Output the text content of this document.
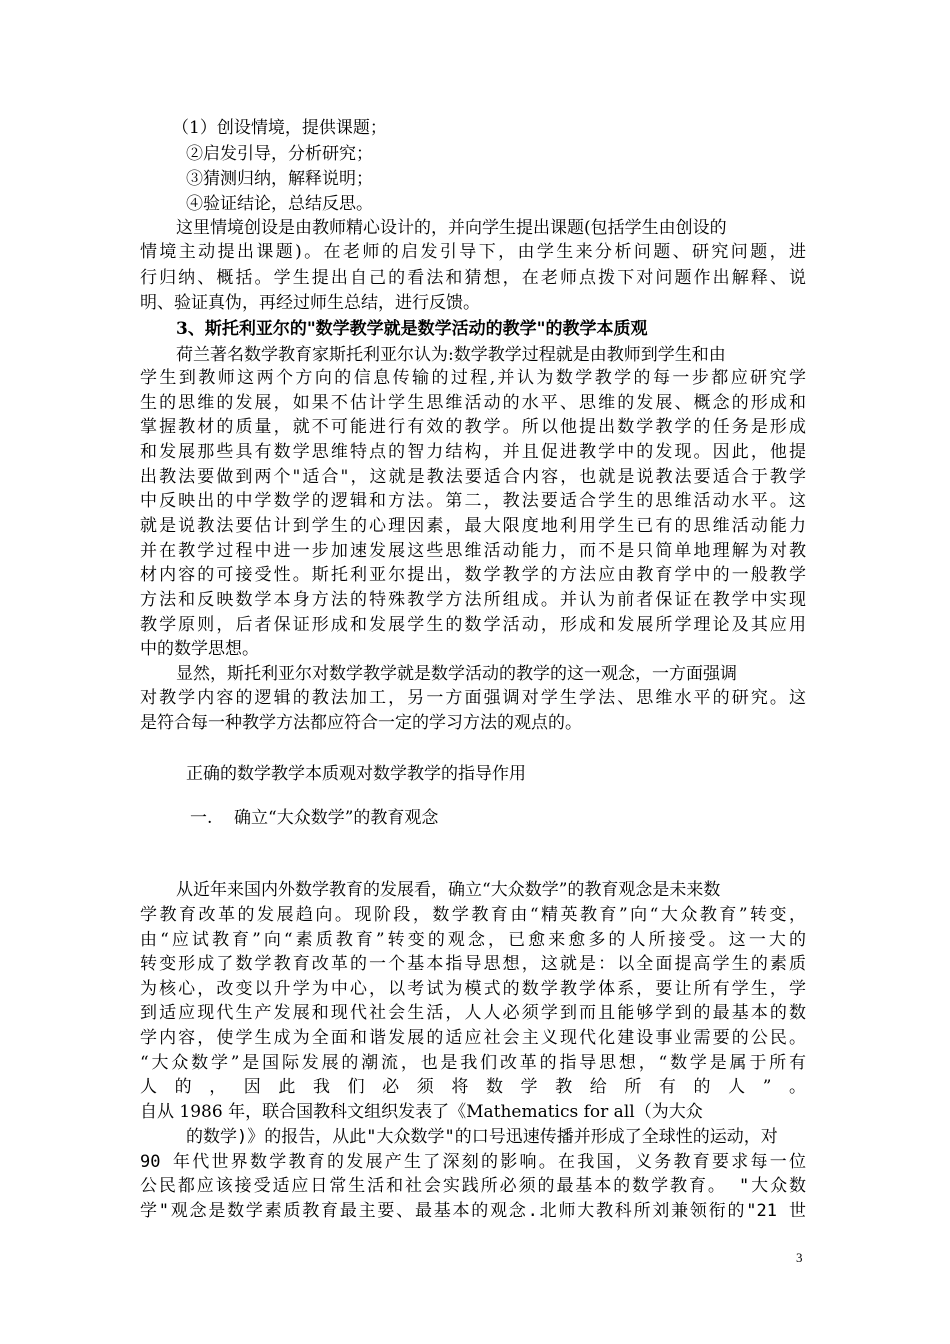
（1）创设情境，提供课题；

②启发引导，分析研究；

③猜测归纳，解释说明；

④验证结论，总结反思。

这里情境创设是由教师精心设计的，并向学生提出课题(包括学生由创设的

情境主动提出课题)。在老师的启发引导下，由学生来分析问题、研究问题，进

行归纳、概括。学生提出自己的看法和猜想，在老师点拨下对问题作出解释、说

明、验证真伪，再经过师生总结，进行反馈。

3、斯托利亚尔的"数学教学就是数学活动的教学"的教学本质观

荷兰著名数学教育家斯托利亚尔认为:数学教学过程就是由教师到学生和由

学生到教师这两个方向的信息传输的过程,并认为数学教学的每一步都应研究学

生的思维的发展，如果不估计学生思维活动的水平、思维的发展、概念的形成和

掌握教材的质量，就不可能进行有效的教学。所以他提出数学教学的任务是形成

和发展那些具有数学思维特点的智力结构，并且促进教学中的发现。因此，他提

出教法要做到两个"适合"，这就是教法要适合内容，也就是说教法要适合于教学

中反映出的中学数学的逻辑和方法。第二，教法要适合学生的思维活动水平。这

就是说教法要估计到学生的心理因素，最大限度地利用学生已有的思维活动能力

并在教学过程中进一步加速发展这些思维活动能力，而不是只简单地理解为对教

材内容的可接受性。斯托利亚尔提出，数学教学的方法应由教育学中的一般教学

方法和反映数学本身方法的特殊教学方法所组成。并认为前者保证在教学中实现

教学原则，后者保证形成和发展学生的数学活动，形成和发展所学理论及其应用

中的数学思想。

显然，斯托利亚尔对数学教学就是数学活动的教学的这一观念，一方面强调

对教学内容的逻辑的教法加工，另一方面强调对学生学法、思维水平的研究。这

是符合每一种教学方法都应符合一定的学习方法的观点的。

正确的数学教学本质观对数学教学的指导作用

一.    确立“大众数学”的教育观念

从近年来国内外数学教育的发展看，确立“大众数学”的教育观念是未来数

学教育改革的发展趋向。现阶段，数学教育由“精英教育”向“大众教育”转变，

由“应试教育”向“素质教育”转变的观念，已愈来愈多的人所接受。这一大的

转变形成了数学教育改革的一个基本指导思想，这就是：以全面提高学生的素质

为核心，改变以升学为中心，以考试为模式的数学教学体系，要让所有学生，学

到适应现代生产发展和现代社会生活，人人必须学到而且能够学到的最基本的数

学内容，使学生成为全面和谐发展的适应社会主义现代化建设事业需要的公民。

“大众数学”是国际发展的潮流，也是我们改革的指导思想，“数学是属于所有

人的，因此我们必须将数学教给所有的人”。

自从 1986 年，联合国教科文组织发表了《Mathematics for all（为大众

的数学)》的报告，从此"大众数学"的口号迅速传播并形成了全球性的运动，对

90 年代世界数学教育的发展产生了深刻的影响。在我国，义务教育要求每一位

公民都应该接受适应日常生活和社会实践所必须的最基本的数学教育。 "大众数

学"观念是数学素质教育最主要、最基本的观念.北师大教科所刘兼领衔的"21 世

3
